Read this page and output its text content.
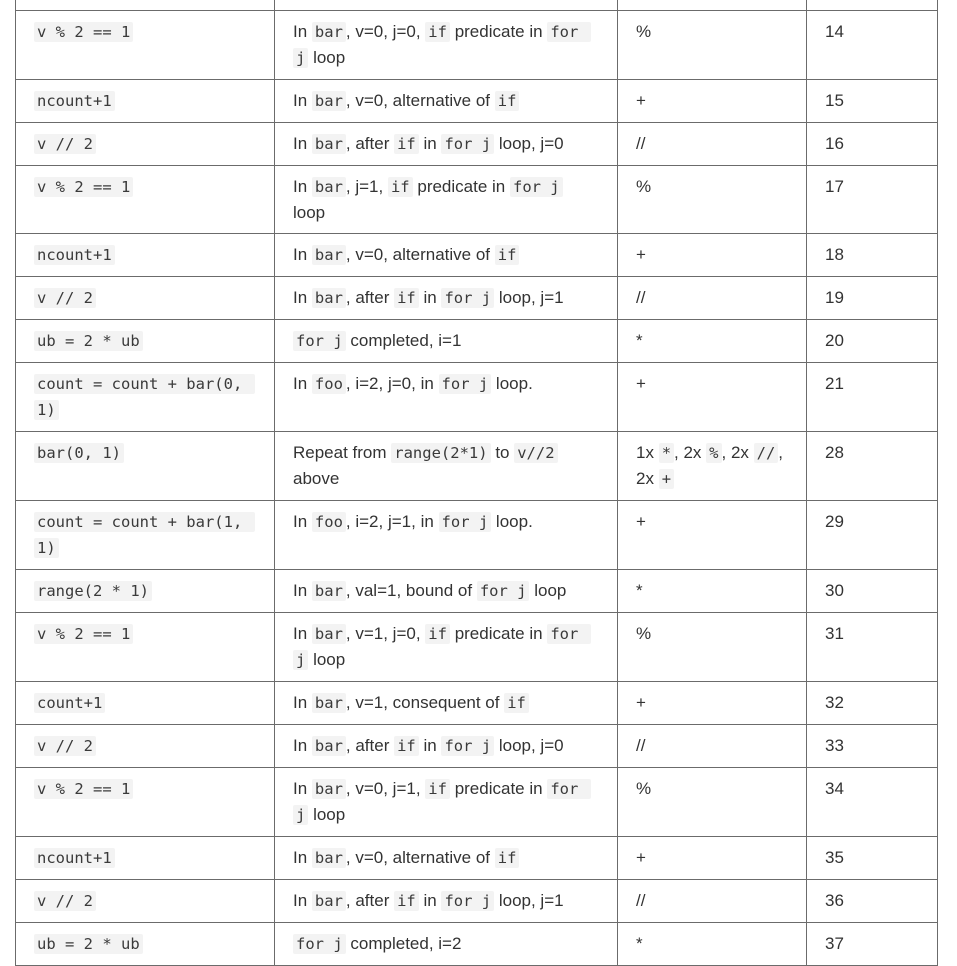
v % 2 == 1	In bar , v=0, j=0, if predicate in for j loop	%	14
ncount+1	In bar , v=0, alternative of if	+	15
v // 2	In bar , after if in for j loop, j=0	//	16
v % 2 == 1	In bar , j=1, if predicate in for j loop	%	17
ncount+1	In bar , v=0, alternative of if	+	18
v // 2	In bar , after if in for j loop, j=1	//	19
ub = 2 * ub	for j completed, i=1	*	20
count = count + bar(0, 1)	In foo , i=2, j=0, in for j loop.	+	21
bar(0, 1)	Repeat from range(2*1) to v//2 above	1x * , 2x % , 2x // , 2x +	28
count = count + bar(1, 1)	In foo , i=2, j=1, in for j loop.	+	29
range(2 * 1)	In bar , val=1, bound of for j loop	*	30
v % 2 == 1	In bar , v=1, j=0, if predicate in for j loop	%	31
count+1	In bar , v=1, consequent of if	+	32
v // 2	In bar , after if in for j loop, j=0	//	33
v % 2 == 1	In bar , v=0, j=1, if predicate in for j loop	%	34
ncount+1	In bar , v=0, alternative of if	+	35
v // 2	In bar , after if in for j loop, j=1	//	36
ub = 2 * ub	for j completed, i=2	*	37
